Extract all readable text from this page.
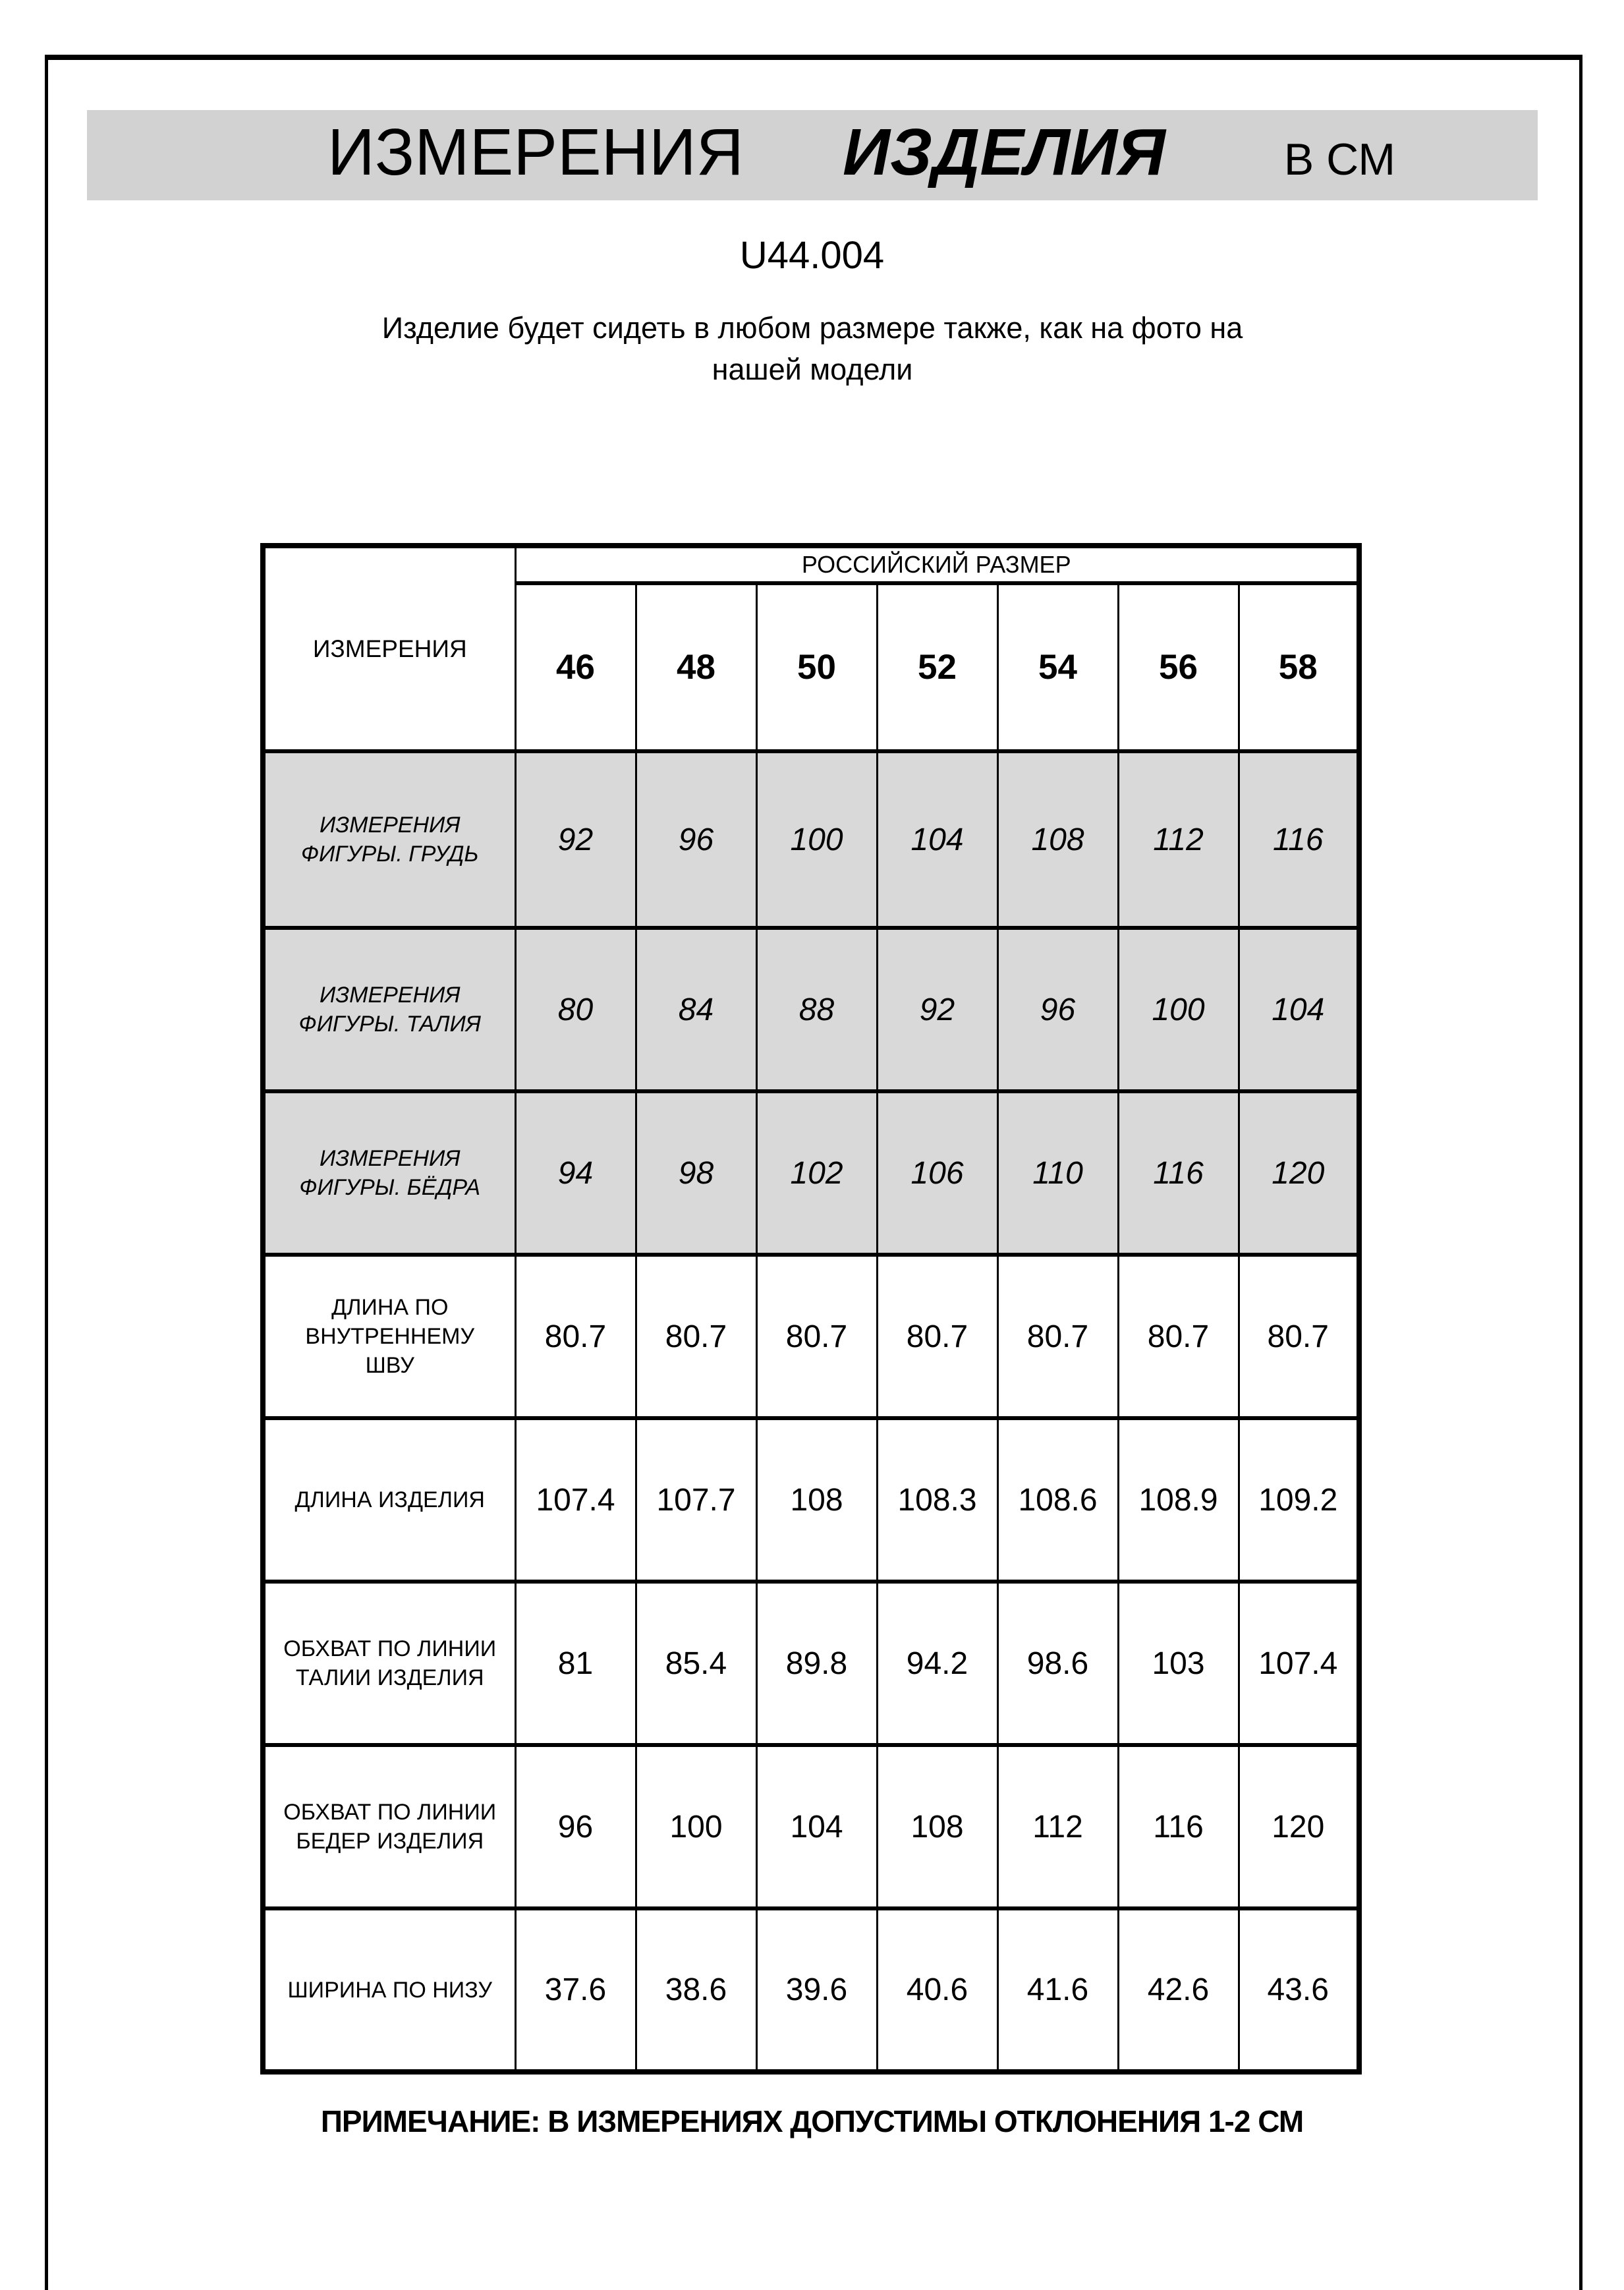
ИЗМЕРЕНИЯ ИЗДЕЛИЯ	В СМ
U44.004
Изделие будет сидеть в любом размере также, как на фото на
нашей модели
ИЗМЕРЕНИЯ	РОССИЙСКИЙ РАЗМЕР						
	46	48	50	52	54	56	58
ИЗМЕРЕНИЯ ФИГУРЫ. ГРУДЬ	92	96	100	104	108	112	116
ИЗМЕРЕНИЯ ФИГУРЫ. ТАЛИЯ	80	84	88	92	96	100	104
ИЗМЕРЕНИЯ ФИГУРЫ. БЁДРА	94	98	102	106	110	116	120
ДЛИНА ПО ВНУТРЕННЕМУ ШВУ	80.7	80.7	80.7	80.7	80.7	80.7	80.7
ДЛИНА ИЗДЕЛИЯ	107.4	107.7	108	108.3	108.6	108.9	109.2
ОБХВАТ ПО ЛИНИИ ТАЛИИ ИЗДЕЛИЯ	81	85.4	89.8	94.2	98.6	103	107.4
ОБХВАТ ПО ЛИНИИ БЕДЕР ИЗДЕЛИЯ	96	100	104	108	112	116	120
ШИРИНА ПО НИЗУ	37.6	38.6	39.6	40.6	41.6	42.6	43.6
ПРИМЕЧАНИЕ: В ИЗМЕРЕНИЯХ ДОПУСТИМЫ ОТКЛОНЕНИЯ 1-2 СМ
